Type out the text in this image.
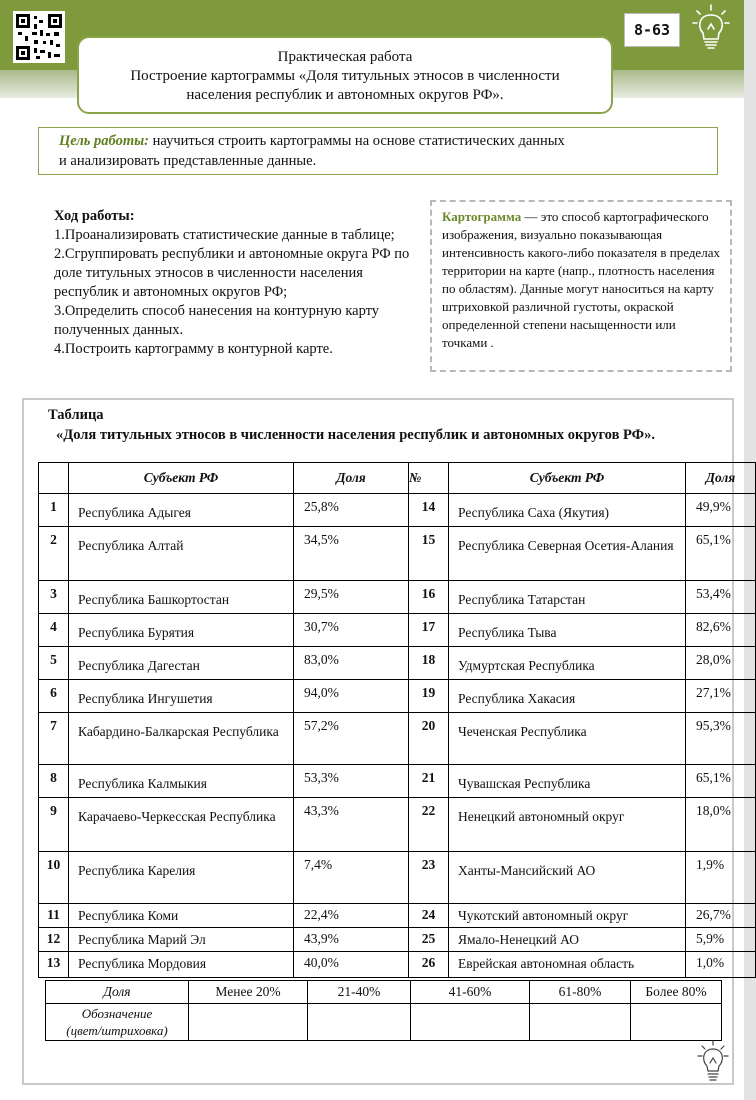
8-63
Практическая работа
Построение картограммы «Доля титульных этносов в численности
населения республик и автономных округов РФ».
Цель работы: научиться строить картограммы на основе статистических данных
и анализировать представленные данные.
Ход работы:
1.Проанализировать статистические данные в таблице;
2.Сгруппировать республики и автономные округа РФ по доле титульных этносов в численности населения республик и автономных округов РФ;
3.Определить способ нанесения на контурную карту полученных данных.
4.Построить картограмму в контурной карте.
Картограмма — это способ картографического изображения, визуально показывающая интенсивность какого-либо показателя в пределах территории на карте (напр., плотность населения по областям). Данные могут наноситься на карту штриховкой различной густоты, окраской определенной степени насыщенности или точками .
Таблица
«Доля титульных этносов в численности населения республик и автономных округов РФ».
	Субъект РФ	Доля	№	Субъект РФ	Доля
1	Республика Адыгея	25,8%	14	Республика Саха (Якутия)	49,9%
2	Республика Алтай	34,5%	15	Республика Северная Осетия-Алания	65,1%
3	Республика Башкортостан	29,5%	16	Республика Татарстан	53,4%
4	Республика Бурятия	30,7%	17	Республика Тыва	82,6%
5	Республика Дагестан	83,0%	18	Удмуртская Республика	28,0%
6	Республика Ингушетия	94,0%	19	Республика Хакасия	27,1%
7	Кабардино-Балкарская Республика	57,2%	20	Чеченская Республика	95,3%
8	Республика Калмыкия	53,3%	21	Чувашская Республика	65,1%
9	Карачаево-Черкесская Республика	43,3%	22	Ненецкий автономный округ	18,0%
10	Республика Карелия	7,4%	23	Ханты-Мансийский АО	1,9%
11	Республика Коми	22,4%	24	Чукотский автономный округ	26,7%
12	Республика Марий Эл	43,9%	25	Ямало-Ненецкий АО	5,9%
13	Республика Мордовия	40,0%	26	Еврейская автономная область	1,0%
Доля	Менее 20%	21-40%	41-60%	61-80%	Более 80%

Обозначение
(цвет/штриховка)					
